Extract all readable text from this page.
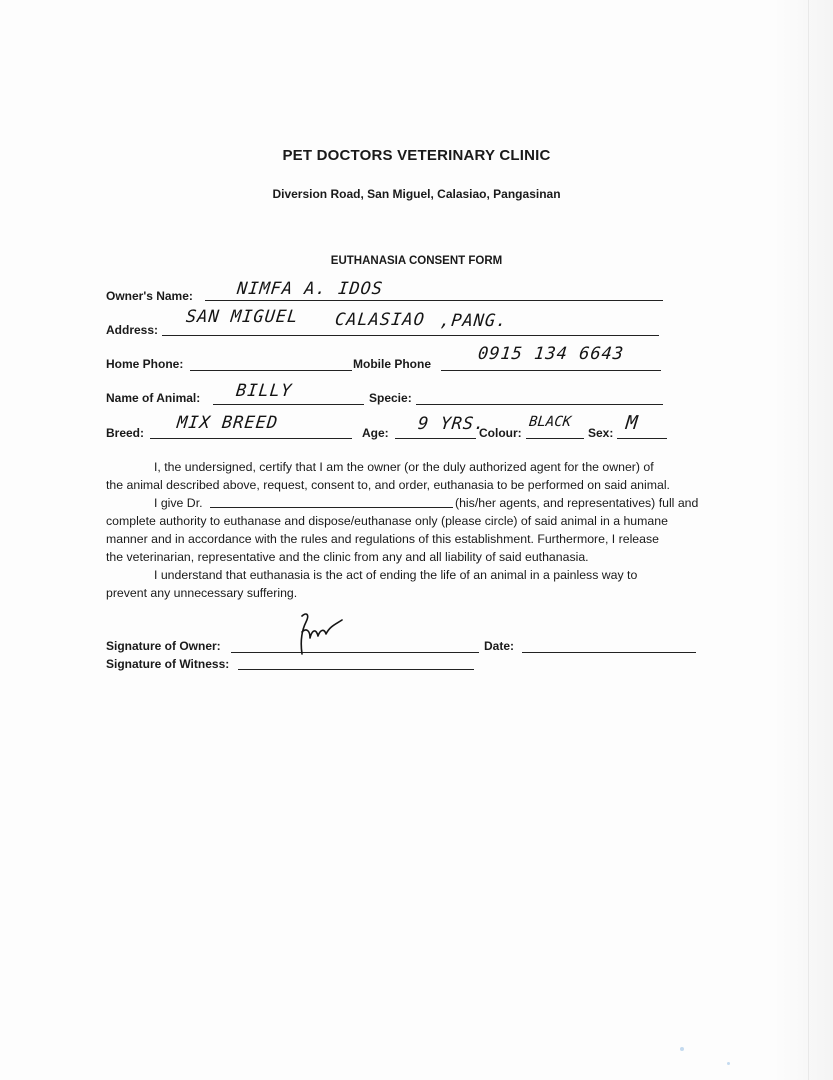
PET DOCTORS VETERINARY CLINIC
Diversion Road, San Miguel, Calasiao, Pangasinan
EUTHANASIA CONSENT FORM
Owner's Name:	NIMFA A. IDOS
Address:
SAN MIGUEL CALASIAO ,PANG.
Home Phone:	Mobile Phone	0915 134 6643
Name of Animal: BILLY	Specie:
Breed: MIX BREED	Age: 9 YRS.
Colour:
BLACK
Sex: M
I, the undersigned, certify that I am the owner (or the duly authorized agent for the owner) of
the animal described above, request, consent to, and order, euthanasia to be performed on said animal.
I give Dr.	(his/her agents, and representatives) full and
complete authority to euthanase and dispose/euthanase only (please circle) of said animal in a humane
manner and in accordance with the rules and regulations of this establishment. Furthermore, I release
the veterinarian, representative and the clinic from any and all liability of said euthanasia.
I understand that euthanasia is the act of ending the life of an animal in a painless way to
prevent any unnecessary suffering.
Signature of Owner:	Date:
Signature of Witness:
